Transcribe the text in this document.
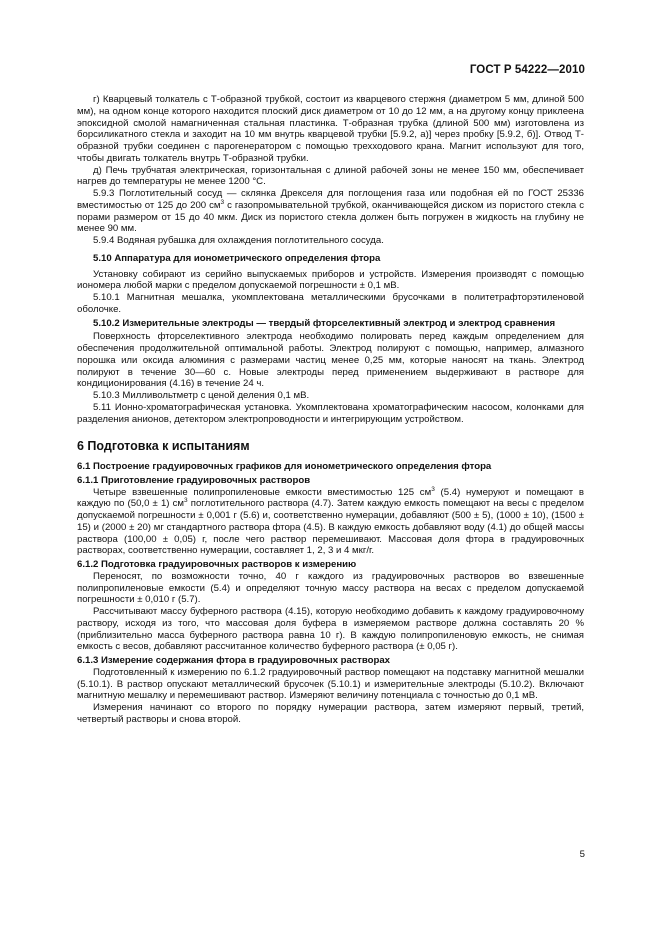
ГОСТ Р 54222—2010

г) Кварцевый толкатель с Т-образной трубкой, состоит из кварцевого стержня (диаметром 5 мм, длиной 500 мм), на одном конце которого находится плоский диск диаметром от 10 до 12 мм, а на другому концу приклеена эпоксидной смолой намагниченная стальная пластинка. Т-образная трубка (длиной 500 мм) изготовлена из борсиликатного стекла и заходит на 10 мм внутрь кварцевой трубки [5.9.2, а)] через пробку [5.9.2, б)]. Отвод Т-образной трубки соединен с парогенератором с помощью трехходового крана. Магнит используют для того, чтобы двигать толкатель внутрь Т-образной трубки.

д) Печь трубчатая электрическая, горизонтальная с длиной рабочей зоны не менее 150 мм, обеспечивает нагрев до температуры не менее 1200 °С.

5.9.3 Поглотительный сосуд — склянка Дрекселя для поглощения газа или подобная ей по ГОСТ 25336 вместимостью от 125 до 200 $см^3$ с газопромывательной трубкой, оканчивающейся диском из пористого стекла с порами размером от 15 до 40 мкм. Диск из пористого стекла должен быть погружен в жидкость на глубину не менее 90 мм.

5.9.4 Водяная рубашка для охлаждения поглотительного сосуда.

5.10 Аппаратура для ионометрического определения фтора

Установку собирают из серийно выпускаемых приборов и устройств. Измерения производят с помощью иономера любой марки с пределом допускаемой погрешности ± 0,1 мВ.

5.10.1 Магнитная мешалка, укомплектована металлическими брусочками в политетрафторэтиленовой оболочке.

5.10.2 Измерительные электроды — твердый фторселективный электрод и электрод сравнения

Поверхность фторселективного электрода необходимо полировать перед каждым определением для обеспечения продолжительной оптимальной работы. Электрод полируют с помощью, например, алмазного порошка или оксида алюминия с размерами частиц менее 0,25 мм, которые наносят на ткань. Электрод полируют в течение 30—60 с. Новые электроды перед применением выдерживают в растворе для кондиционирования (4.16) в течение 24 ч.

5.10.3 Милливольтметр с ценой деления 0,1 мВ.

5.11 Ионно-хроматографическая установка. Укомплектована хроматографическим насосом, колонками для разделения анионов, детектором электропроводности и интегрирующим устройством.

6 Подготовка к испытаниям

6.1 Построение градуировочных графиков для ионометрического определения фтора

6.1.1 Приготовление градуировочных растворов

Четыре взвешенные полипропиленовые емкости вместимостью 125 $см^3$ (5.4) нумеруют и помещают в каждую по (50,0 ± 1) $см^3$ поглотительного раствора (4.7). Затем каждую емкость помещают на весы с пределом допускаемой погрешности ± 0,001 г (5.6) и, соответственно нумерации, добавляют (500 ± 5), (1000 ± 10), (1500 ± 15) и (2000 ± 20) мг стандартного раствора фтора (4.5). В каждую емкость добавляют воду (4.1) до общей массы раствора (100,00 ± 0,05) г, после чего раствор перемешивают. Массовая доля фтора в градуировочных растворах, соответственно нумерации, составляет 1, 2, 3 и 4 мкг/г.

6.1.2 Подготовка градуировочных растворов к измерению

Переносят, по возможности точно, 40 г каждого из градуировочных растворов во взвешенные полипропиленовые емкости (5.4) и определяют точную массу раствора на весах с пределом допускаемой погрешности ± 0,010 г (5.7).

Рассчитывают массу буферного раствора (4.15), которую необходимо добавить к каждому градуировочному раствору, исходя из того, что массовая доля буфера в измеряемом растворе должна составлять 20 % (приблизительно масса буферного раствора равна 10 г). В каждую полипропиленовую емкость, не снимая емкость с весов, добавляют рассчитанное количество буферного раствора (± 0,05 г).

6.1.3 Измерение содержания фтора в градуировочных растворах

Подготовленный к измерению по 6.1.2 градуировочный раствор помещают на подставку магнитной мешалки (5.10.1). В раствор опускают металлический брусочек (5.10.1) и измерительные электроды (5.10.2). Включают магнитную мешалку и перемешивают раствор. Измеряют величину потенциала с точностью до 0,1 мВ.

Измерения начинают со второго по порядку нумерации раствора, затем измеряют первый, третий, четвертый растворы и снова второй.

5
